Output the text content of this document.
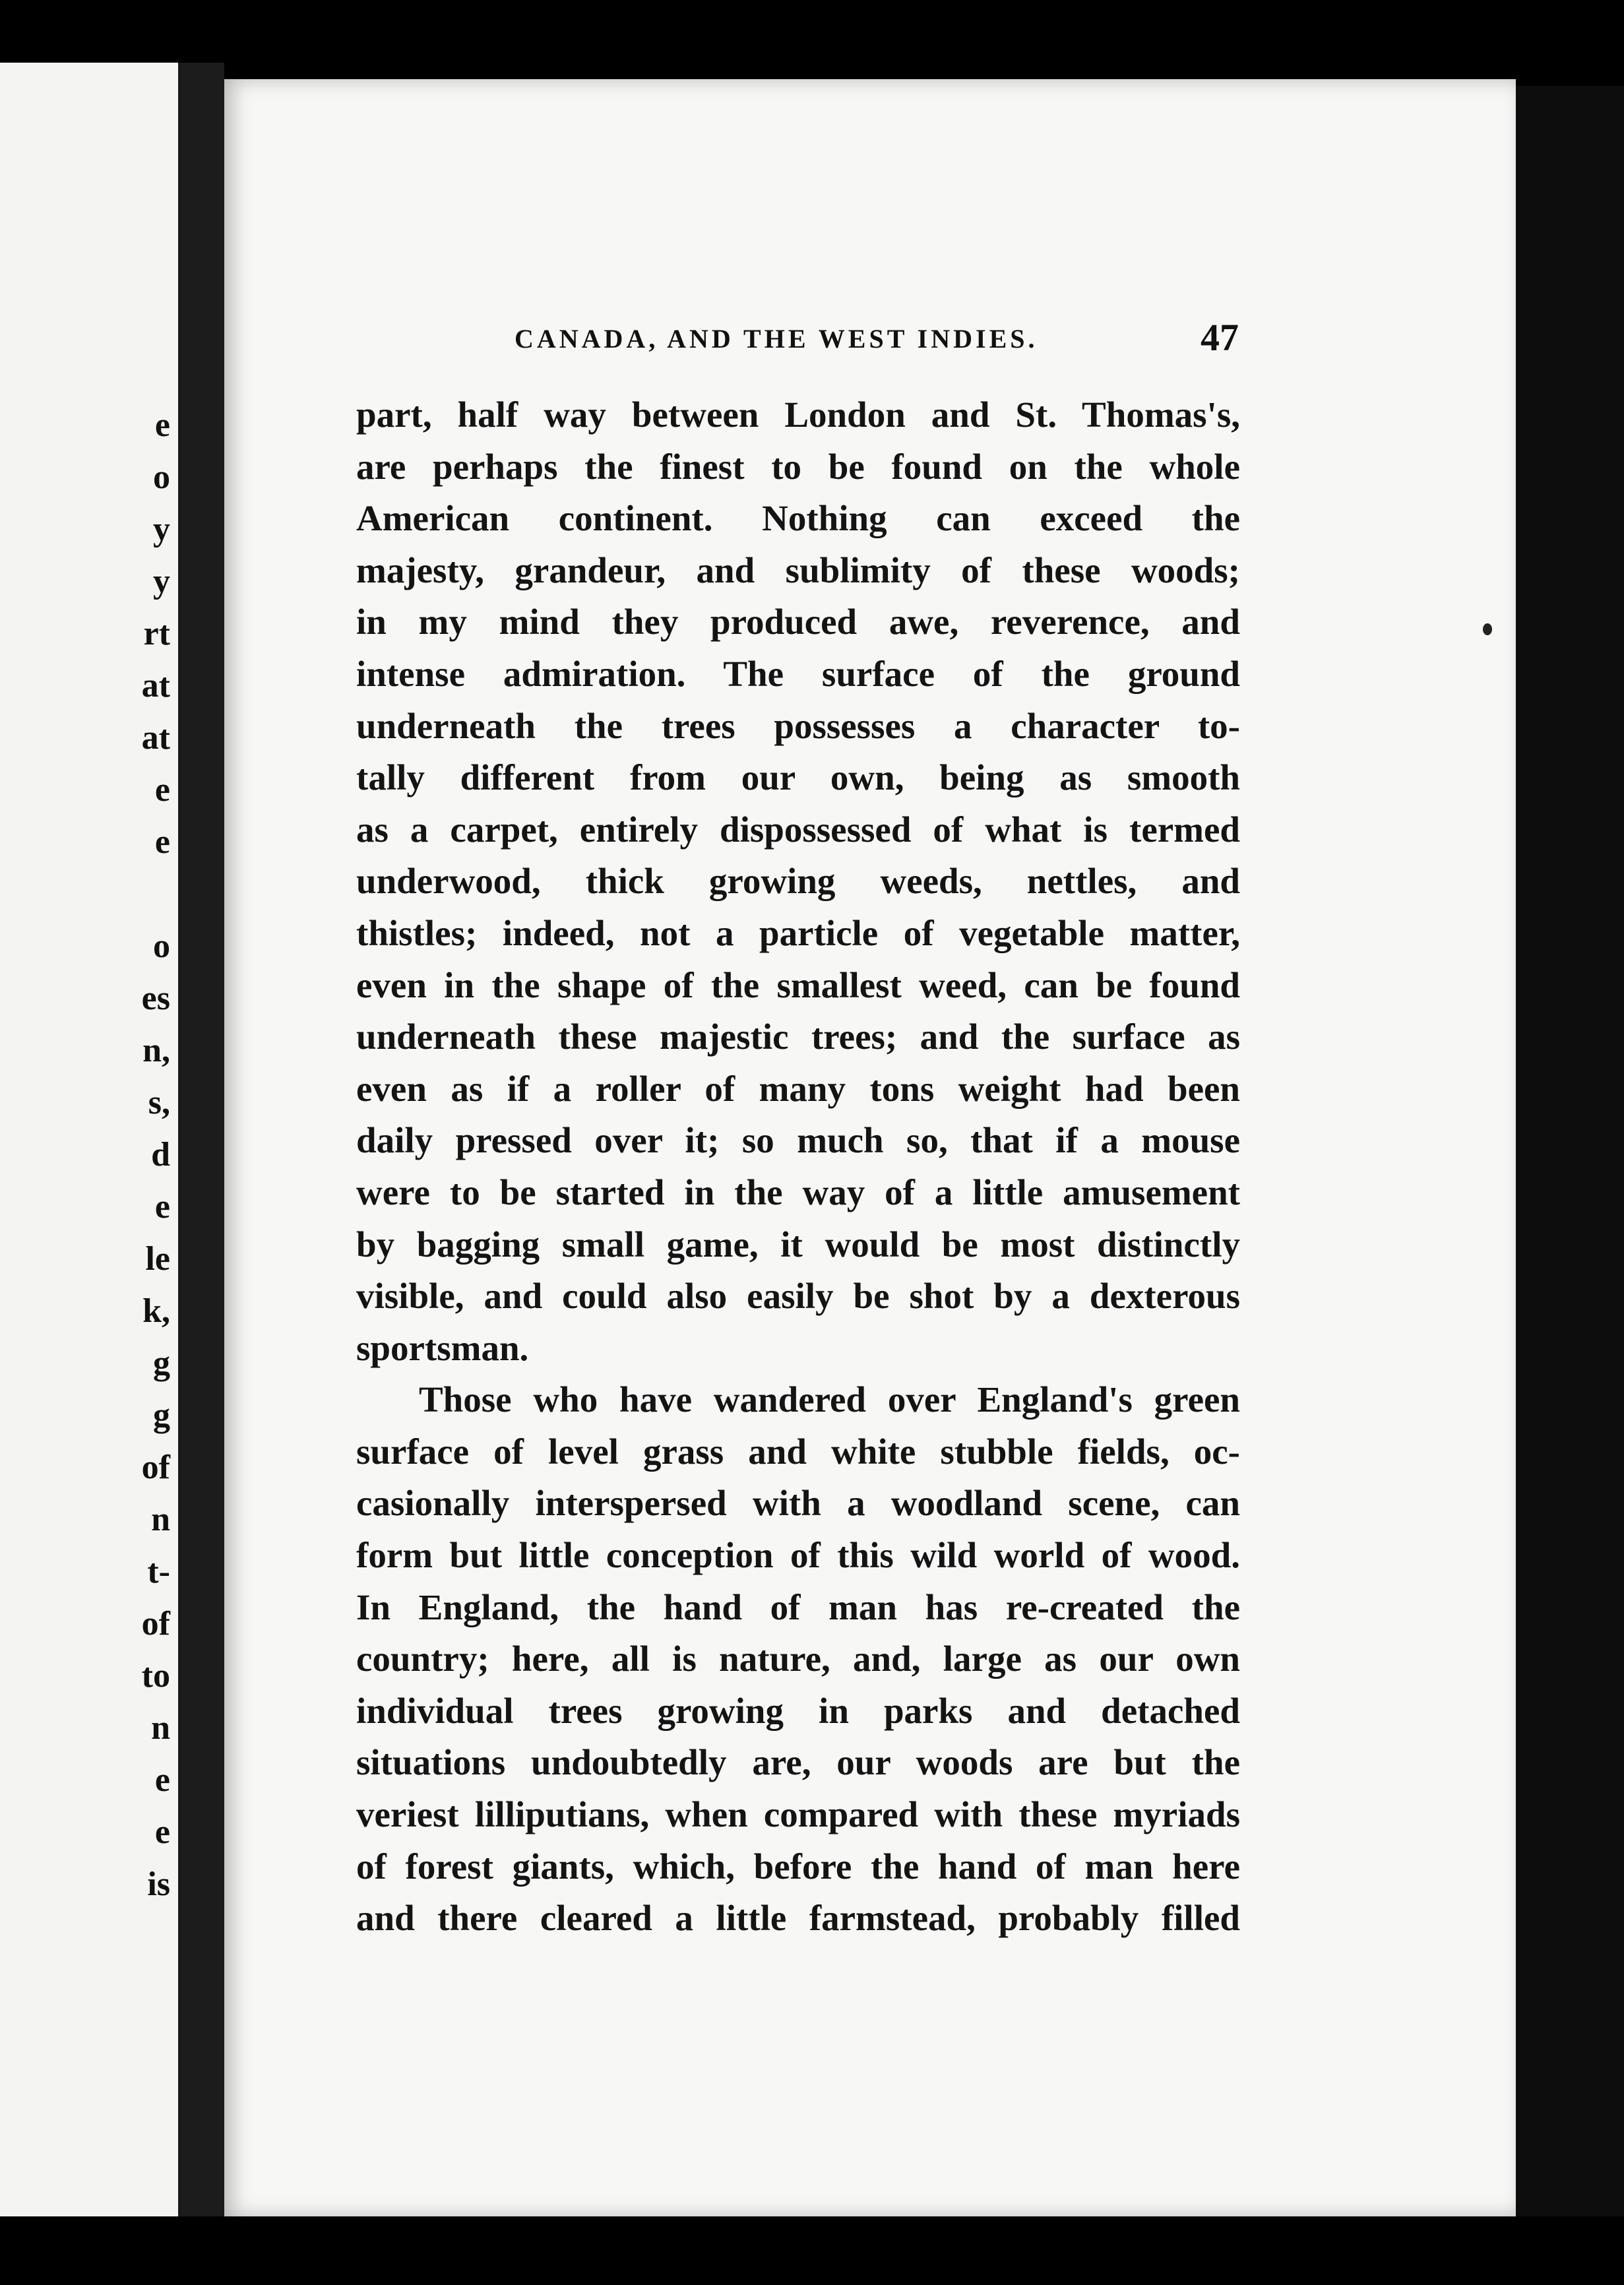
e
o
y
y
rt
at
at
e
e
o
es
n,
s,
d
e
le
k,
g
g
of
n
t-
of
to
n
e
e
is
CANADA, AND THE WEST INDIES.	47
part, half way between London and St. Thomas's,
are perhaps the finest to be found on the whole
American continent. Nothing can exceed the
majesty, grandeur, and sublimity of these woods;
in my mind they produced awe, reverence, and
intense admiration. The surface of the ground
underneath the trees possesses a character to-
tally different from our own, being as smooth
as a carpet, entirely dispossessed of what is termed
underwood, thick growing weeds, nettles, and
thistles; indeed, not a particle of vegetable matter,
even in the shape of the smallest weed, can be found
underneath these majestic trees; and the surface as
even as if a roller of many tons weight had been
daily pressed over it; so much so, that if a mouse
were to be started in the way of a little amusement
by bagging small game, it would be most distinctly
visible, and could also easily be shot by a dexterous
sportsman.
Those who have wandered over England's green
surface of level grass and white stubble fields, oc-
casionally interspersed with a woodland scene, can
form but little conception of this wild world of wood.
In England, the hand of man has re-created the
country; here, all is nature, and, large as our own
individual trees growing in parks and detached
situations undoubtedly are, our woods are but the
veriest lilliputians, when compared with these myriads
of forest giants, which, before the hand of man here
and there cleared a little farmstead, probably filled
